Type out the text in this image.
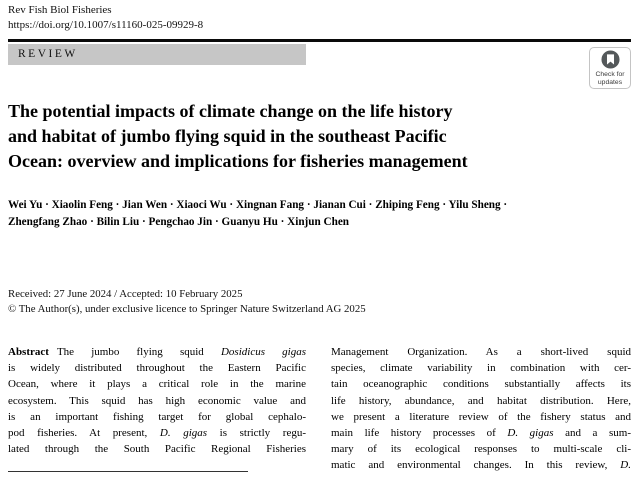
Rev Fish Biol Fisheries
https://doi.org/10.1007/s11160-025-09929-8
REVIEW
Check for
updates
The potential impacts of climate change on the life history
and habitat of jumbo flying squid in the southeast Pacific
Ocean: overview and implications for fisheries management
Wei Yu · Xiaolin Feng · Jian Wen · Xiaoci Wu · Xingnan Fang · Jianan Cui · Zhiping Feng · Yilu Sheng ·
Zhengfang Zhao · Bilin Liu · Pengchao Jin · Guanyu Hu · Xinjun Chen
Received: 27 June 2024 / Accepted: 10 February 2025
© The Author(s), under exclusive licence to Springer Nature Switzerland AG 2025
Abstract The jumbo flying squid Dosidicus gigas
is widely distributed throughout the Eastern Pacific
Ocean, where it plays a critical role in the marine
ecosystem. This squid has high economic value and
is an important fishing target for global cephalo-
pod fisheries. At present, D. gigas is strictly regu-
lated through the South Pacific Regional Fisheries
Management Organization. As a short-lived squid
species, climate variability in combination with cer-
tain oceanographic conditions substantially affects its
life history, abundance, and habitat distribution. Here,
we present a literature review of the fishery status and
main life history processes of D. gigas and a sum-
mary of its ecological responses to multi-scale cli-
matic and environmental changes. In this review, D.
